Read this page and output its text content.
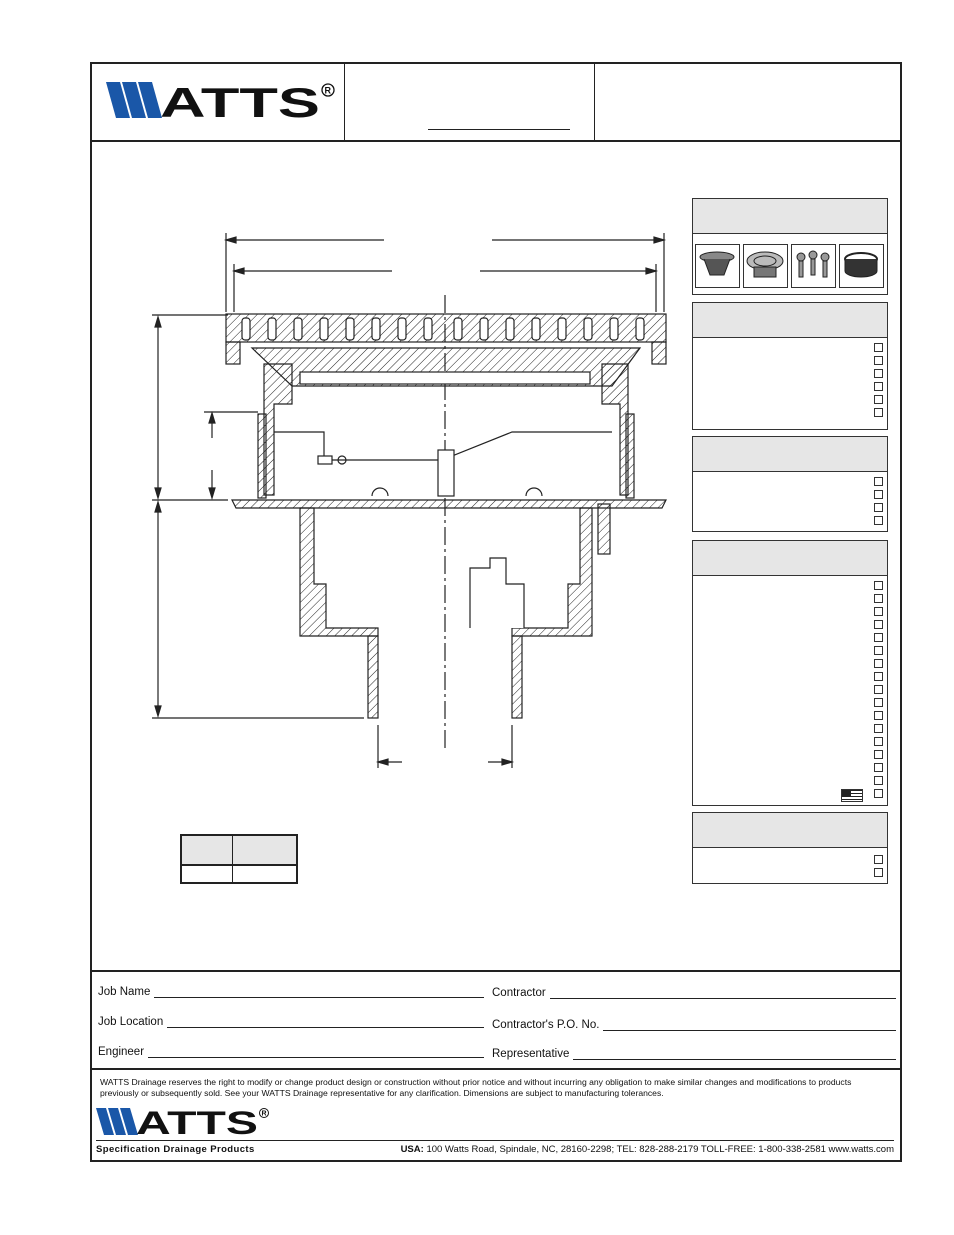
ATTS R
Job Name
Job Location
Engineer
Contractor
Contractor's P.O. No.
Representative
WATTS Drainage reserves the right to modify or change product design or construction without prior notice and without incurring any obligation to make similar changes and modifications to products previously or subsequently sold. See your WATTS Drainage representative for any clarification. Dimensions are subject to manufacturing tolerances.
ATTS R
Specification Drainage Products	USA: 100 Watts Road, Spindale, NC, 28160-2298; TEL: 828-288-2179 TOLL-FREE: 1-800-338-2581 www.watts.com
